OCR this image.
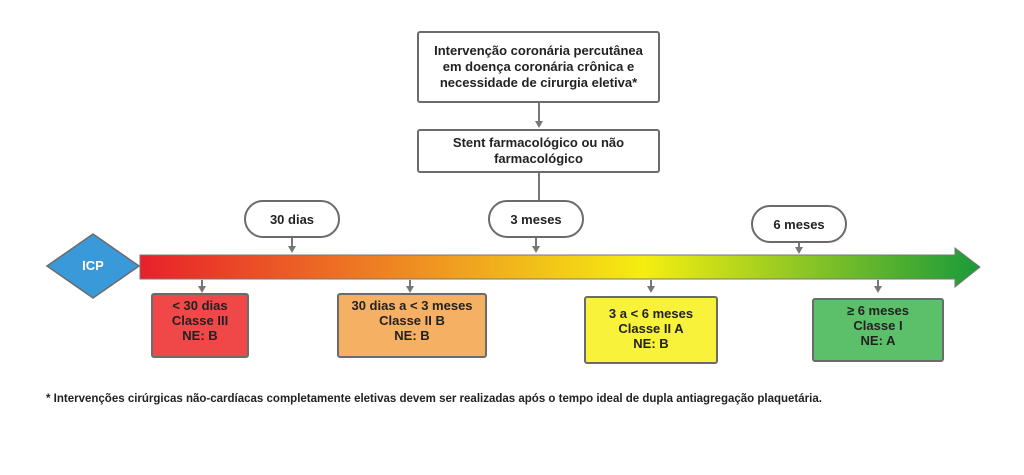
Intervenção coronária percutânea
em doença coronária crônica e
necessidade de cirurgia eletiva*
Stent farmacológico ou não
farmacológico
30 dias	3 meses	6 meses
ICP
< 30 dias
Classe III
NE: B
30 dias a < 3 meses
Classe II B
NE: B
3 a < 6 meses
Classe II A
NE: B
≥ 6 meses
Classe I
NE: A
* Intervenções cirúrgicas não-cardíacas completamente eletivas devem ser realizadas após o tempo ideal de dupla antiagregação plaquetária.
